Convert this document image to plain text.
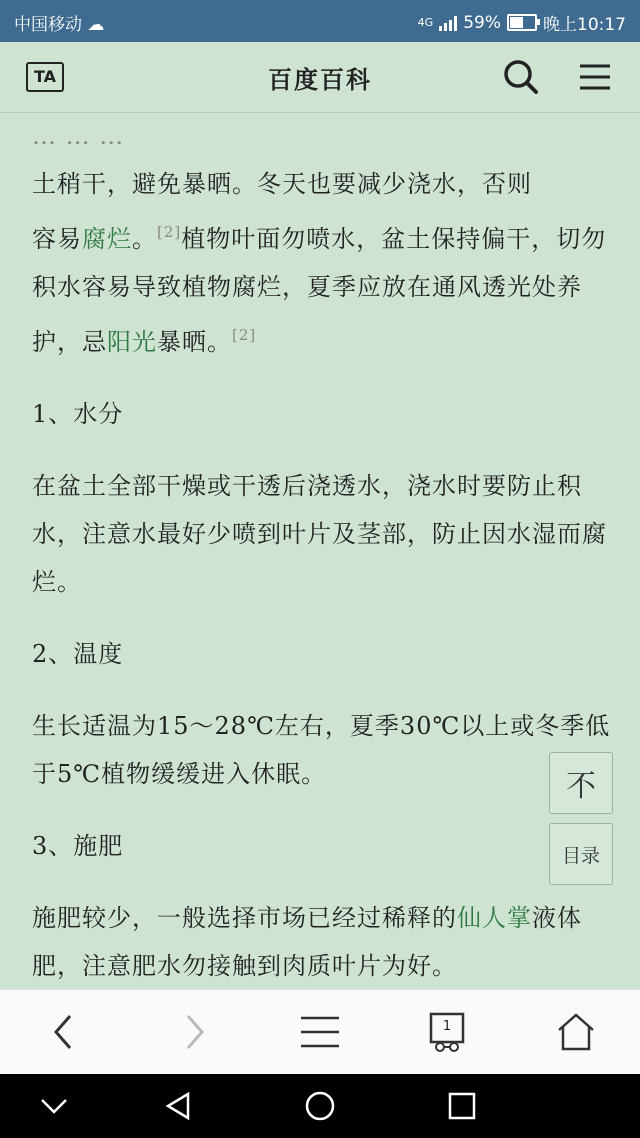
中国移动 ☁	4G 59% 晚上10:17
TA	百度百科

… … …

土稍干，避免暴晒。冬天也要减少浇水，否则
容易腐烂。[2]植物叶面勿喷水，盆土保持偏干，切勿积水容易导致植物腐烂，夏季应放在通风透光处养护，忌阳光暴晒。[2]

1、水分

在盆土全部干燥或干透后浇透水，浇水时要防止积水，注意水最好少喷到叶片及茎部，防止因水湿而腐烂。

2、温度

生长适温为15～28℃左右，夏季30℃以上或冬季低于5℃植物缓缓进入休眠。

3、施肥

施肥较少，一般选择市场已经过稀释的仙人掌液体肥，注意肥水勿接触到肉质叶片为好。

不
目录
1
